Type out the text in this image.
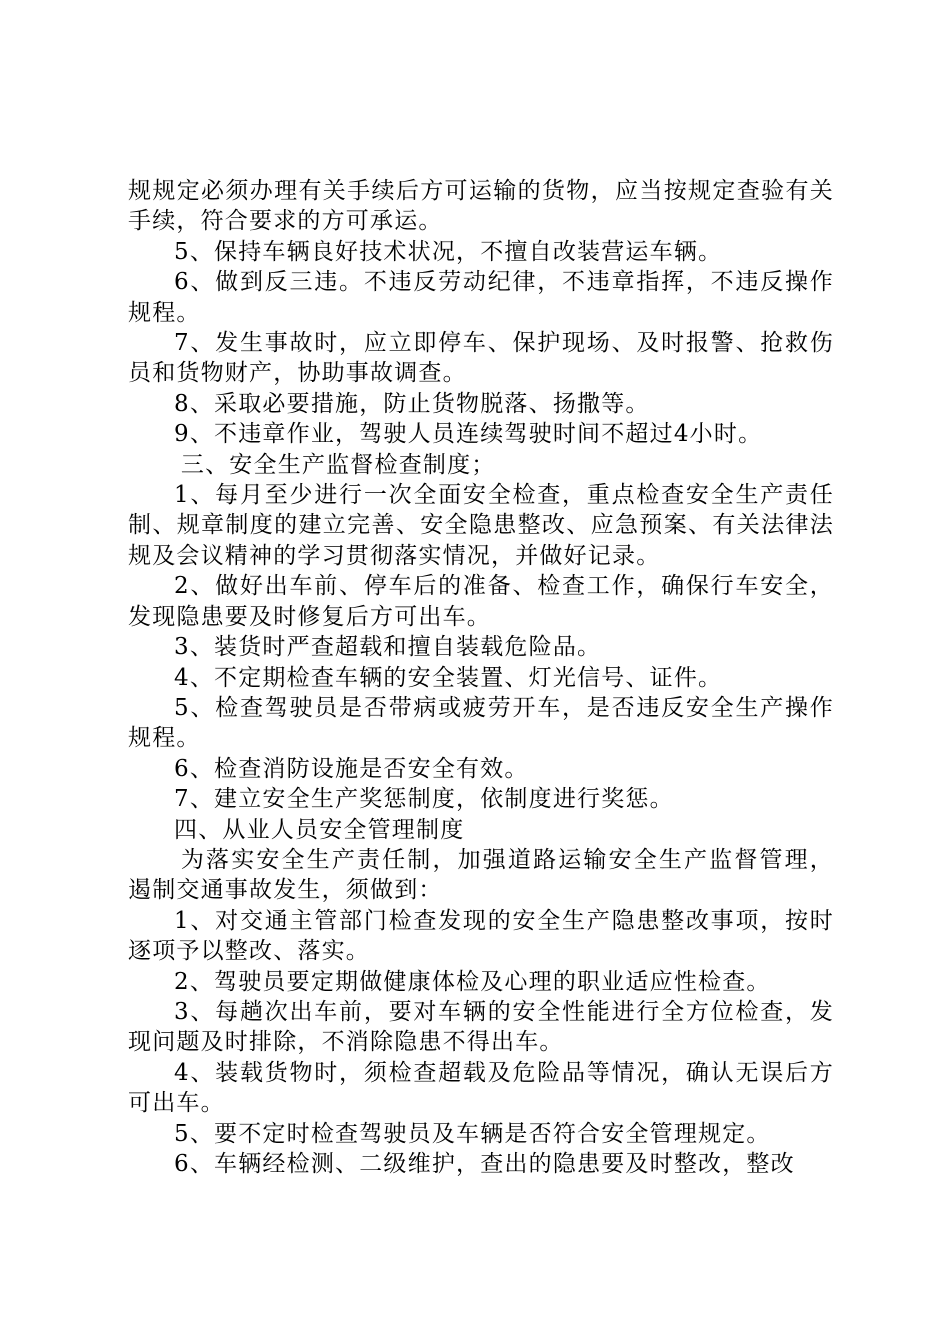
规规定必须办理有关手续后方可运输的货物，应当按规定查验有关手续，符合要求的方可承运。

5、保持车辆良好技术状况，不擅自改装营运车辆。

6、做到反三违。不违反劳动纪律，不违章指挥，不违反操作规程。

7、发生事故时，应立即停车、保护现场、及时报警、抢救伤员和货物财产，协助事故调查。

8、采取必要措施，防止货物脱落、扬撒等。

9、不违章作业，驾驶人员连续驾驶时间不超过4小时。

三、安全生产监督检查制度；

1、每月至少进行一次全面安全检查，重点检查安全生产责任制、规章制度的建立完善、安全隐患整改、应急预案、有关法律法规及会议精神的学习贯彻落实情况，并做好记录。

2、做好出车前、停车后的准备、检查工作，确保行车安全，发现隐患要及时修复后方可出车。

3、装货时严查超载和擅自装载危险品。

4、不定期检查车辆的安全装置、灯光信号、证件。

5、检查驾驶员是否带病或疲劳开车，是否违反安全生产操作规程。

6、检查消防设施是否安全有效。

7、建立安全生产奖惩制度，依制度进行奖惩。

四、从业人员安全管理制度

为落实安全生产责任制，加强道路运输安全生产监督管理，遏制交通事故发生，须做到：

1、对交通主管部门检查发现的安全生产隐患整改事项，按时逐项予以整改、落实。

2、驾驶员要定期做健康体检及心理的职业适应性检查。

3、每趟次出车前，要对车辆的安全性能进行全方位检查，发现问题及时排除，不消除隐患不得出车。

4、装载货物时，须检查超载及危险品等情况，确认无误后方可出车。

5、要不定时检查驾驶员及车辆是否符合安全管理规定。

6、车辆经检测、二级维护，查出的隐患要及时整改，整改
